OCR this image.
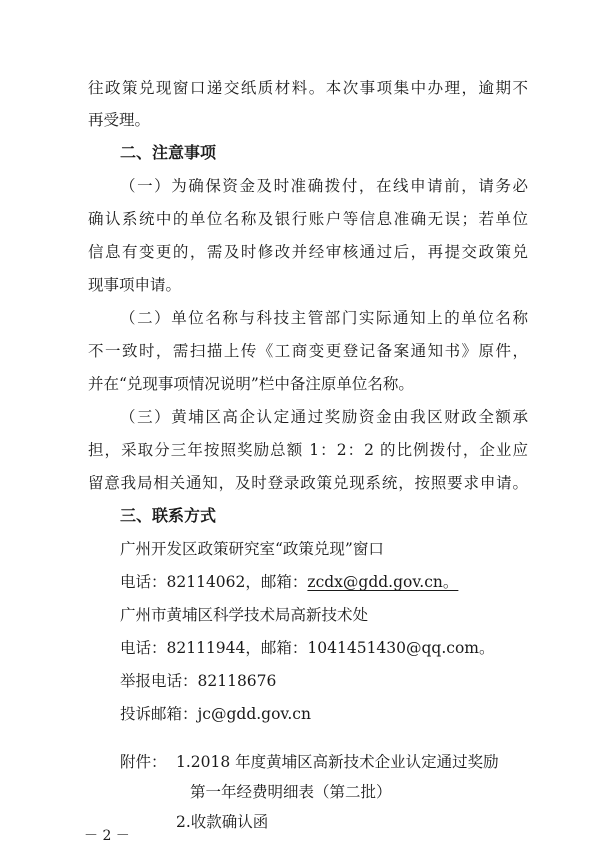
往政策兑现窗口递交纸质材料。本次事项集中办理，逾期不
再受理。
二、注意事项
（一）为确保资金及时准确拨付，在线申请前，请务必
确认系统中的单位名称及银行账户等信息准确无误；若单位
信息有变更的，需及时修改并经审核通过后，再提交政策兑
现事项申请。
（二）单位名称与科技主管部门实际通知上的单位名称
不一致时，需扫描上传《工商变更登记备案通知书》原件，
并在“兑现事项情况说明”栏中备注原单位名称。
（三）黄埔区高企认定通过奖励资金由我区财政全额承
担，采取分三年按照奖励总额 1：2：2 的比例拨付，企业应
留意我局相关通知，及时登录政策兑现系统，按照要求申请。
三、联系方式
广州开发区政策研究室“政策兑现”窗口
电话：82114062，邮箱：zcdx@gdd.gov.cn。
广州市黄埔区科学技术局高新技术处
电话：82111944，邮箱：1041451430@qq.com。
举报电话：82118676
投诉邮箱：jc@gdd.gov.cn
附件： 1.2018 年度黄埔区高新技术企业认定通过奖励
第一年经费明细表（第二批）
2.收款确认函
－ 2 －
